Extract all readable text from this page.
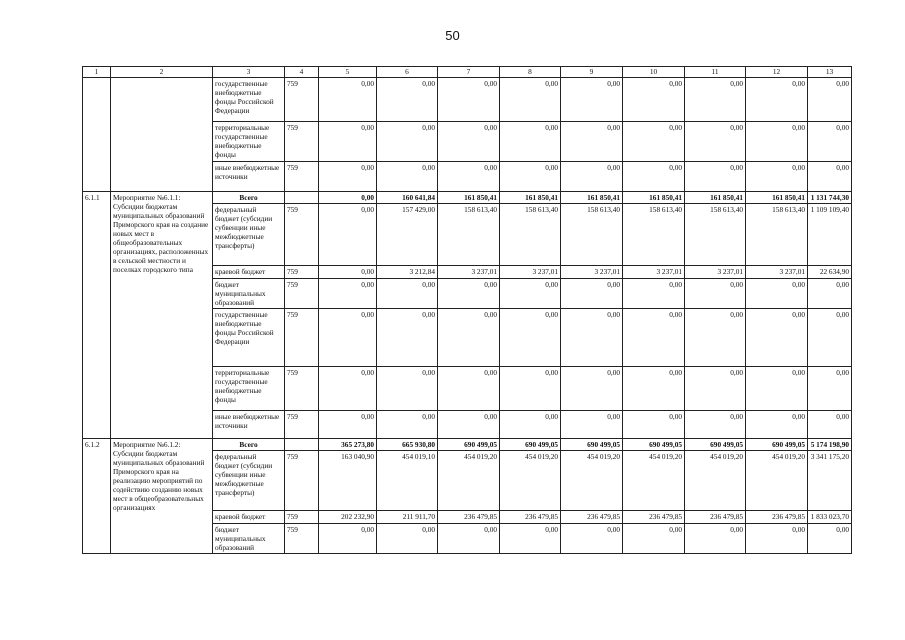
50
1	2	3	4	5	6	7	8	9	10	11	12	13
		государственные внебюджетные фонды Российской Федерации	759	0,00	0,00	0,00	0,00	0,00	0,00	0,00	0,00	0,00
		территориальные государственные внебюджетные фонды	759	0,00	0,00	0,00	0,00	0,00	0,00	0,00	0,00	0,00
		иные внебюджетные источники	759	0,00	0,00	0,00	0,00	0,00	0,00	0,00	0,00	0,00
6.1.1	Мероприятие №6.1.1: Субсидии бюджетам муниципальных образований Приморского края на создание новых мест в общеобразовательных организациях, расположенных в сельской местности и поселках городского типа	Всего		0,00	160 641,84	161 850,41	161 850,41	161 850,41	161 850,41	161 850,41	161 850,41	1 131 744,30
		федеральный бюджет (субсидии субвенции иные межбюджетные трансферты)	759	0,00	157 429,00	158 613,40	158 613,40	158 613,40	158 613,40	158 613,40	158 613,40	1 109 109,40
		краевой бюджет	759	0,00	3 212,84	3 237,01	3 237,01	3 237,01	3 237,01	3 237,01	3 237,01	22 634,90
		бюджет муниципальных образований	759	0,00	0,00	0,00	0,00	0,00	0,00	0,00	0,00	0,00
		государственные внебюджетные фонды Российской Федерации	759	0,00	0,00	0,00	0,00	0,00	0,00	0,00	0,00	0,00
		территориальные государственные внебюджетные фонды	759	0,00	0,00	0,00	0,00	0,00	0,00	0,00	0,00	0,00
		иные внебюджетные источники	759	0,00	0,00	0,00	0,00	0,00	0,00	0,00	0,00	0,00
6.1.2	Мероприятие №6.1.2: Субсидии бюджетам муниципальных образований Приморского края на реализацию мероприятий по содействию созданию новых мест в общеобразовательных организациях	Всего		365 273,80	665 930,80	690 499,05	690 499,05	690 499,05	690 499,05	690 499,05	690 499,05	5 174 198,90
		федеральный бюджет (субсидии субвенции иные межбюджетные трансферты)	759	163 040,90	454 019,10	454 019,20	454 019,20	454 019,20	454 019,20	454 019,20	454 019,20	3 341 175,20
		краевой бюджет	759	202 232,90	211 911,70	236 479,85	236 479,85	236 479,85	236 479,85	236 479,85	236 479,85	1 833 023,70
		бюджет муниципальных образований	759	0,00	0,00	0,00	0,00	0,00	0,00	0,00	0,00	0,00
